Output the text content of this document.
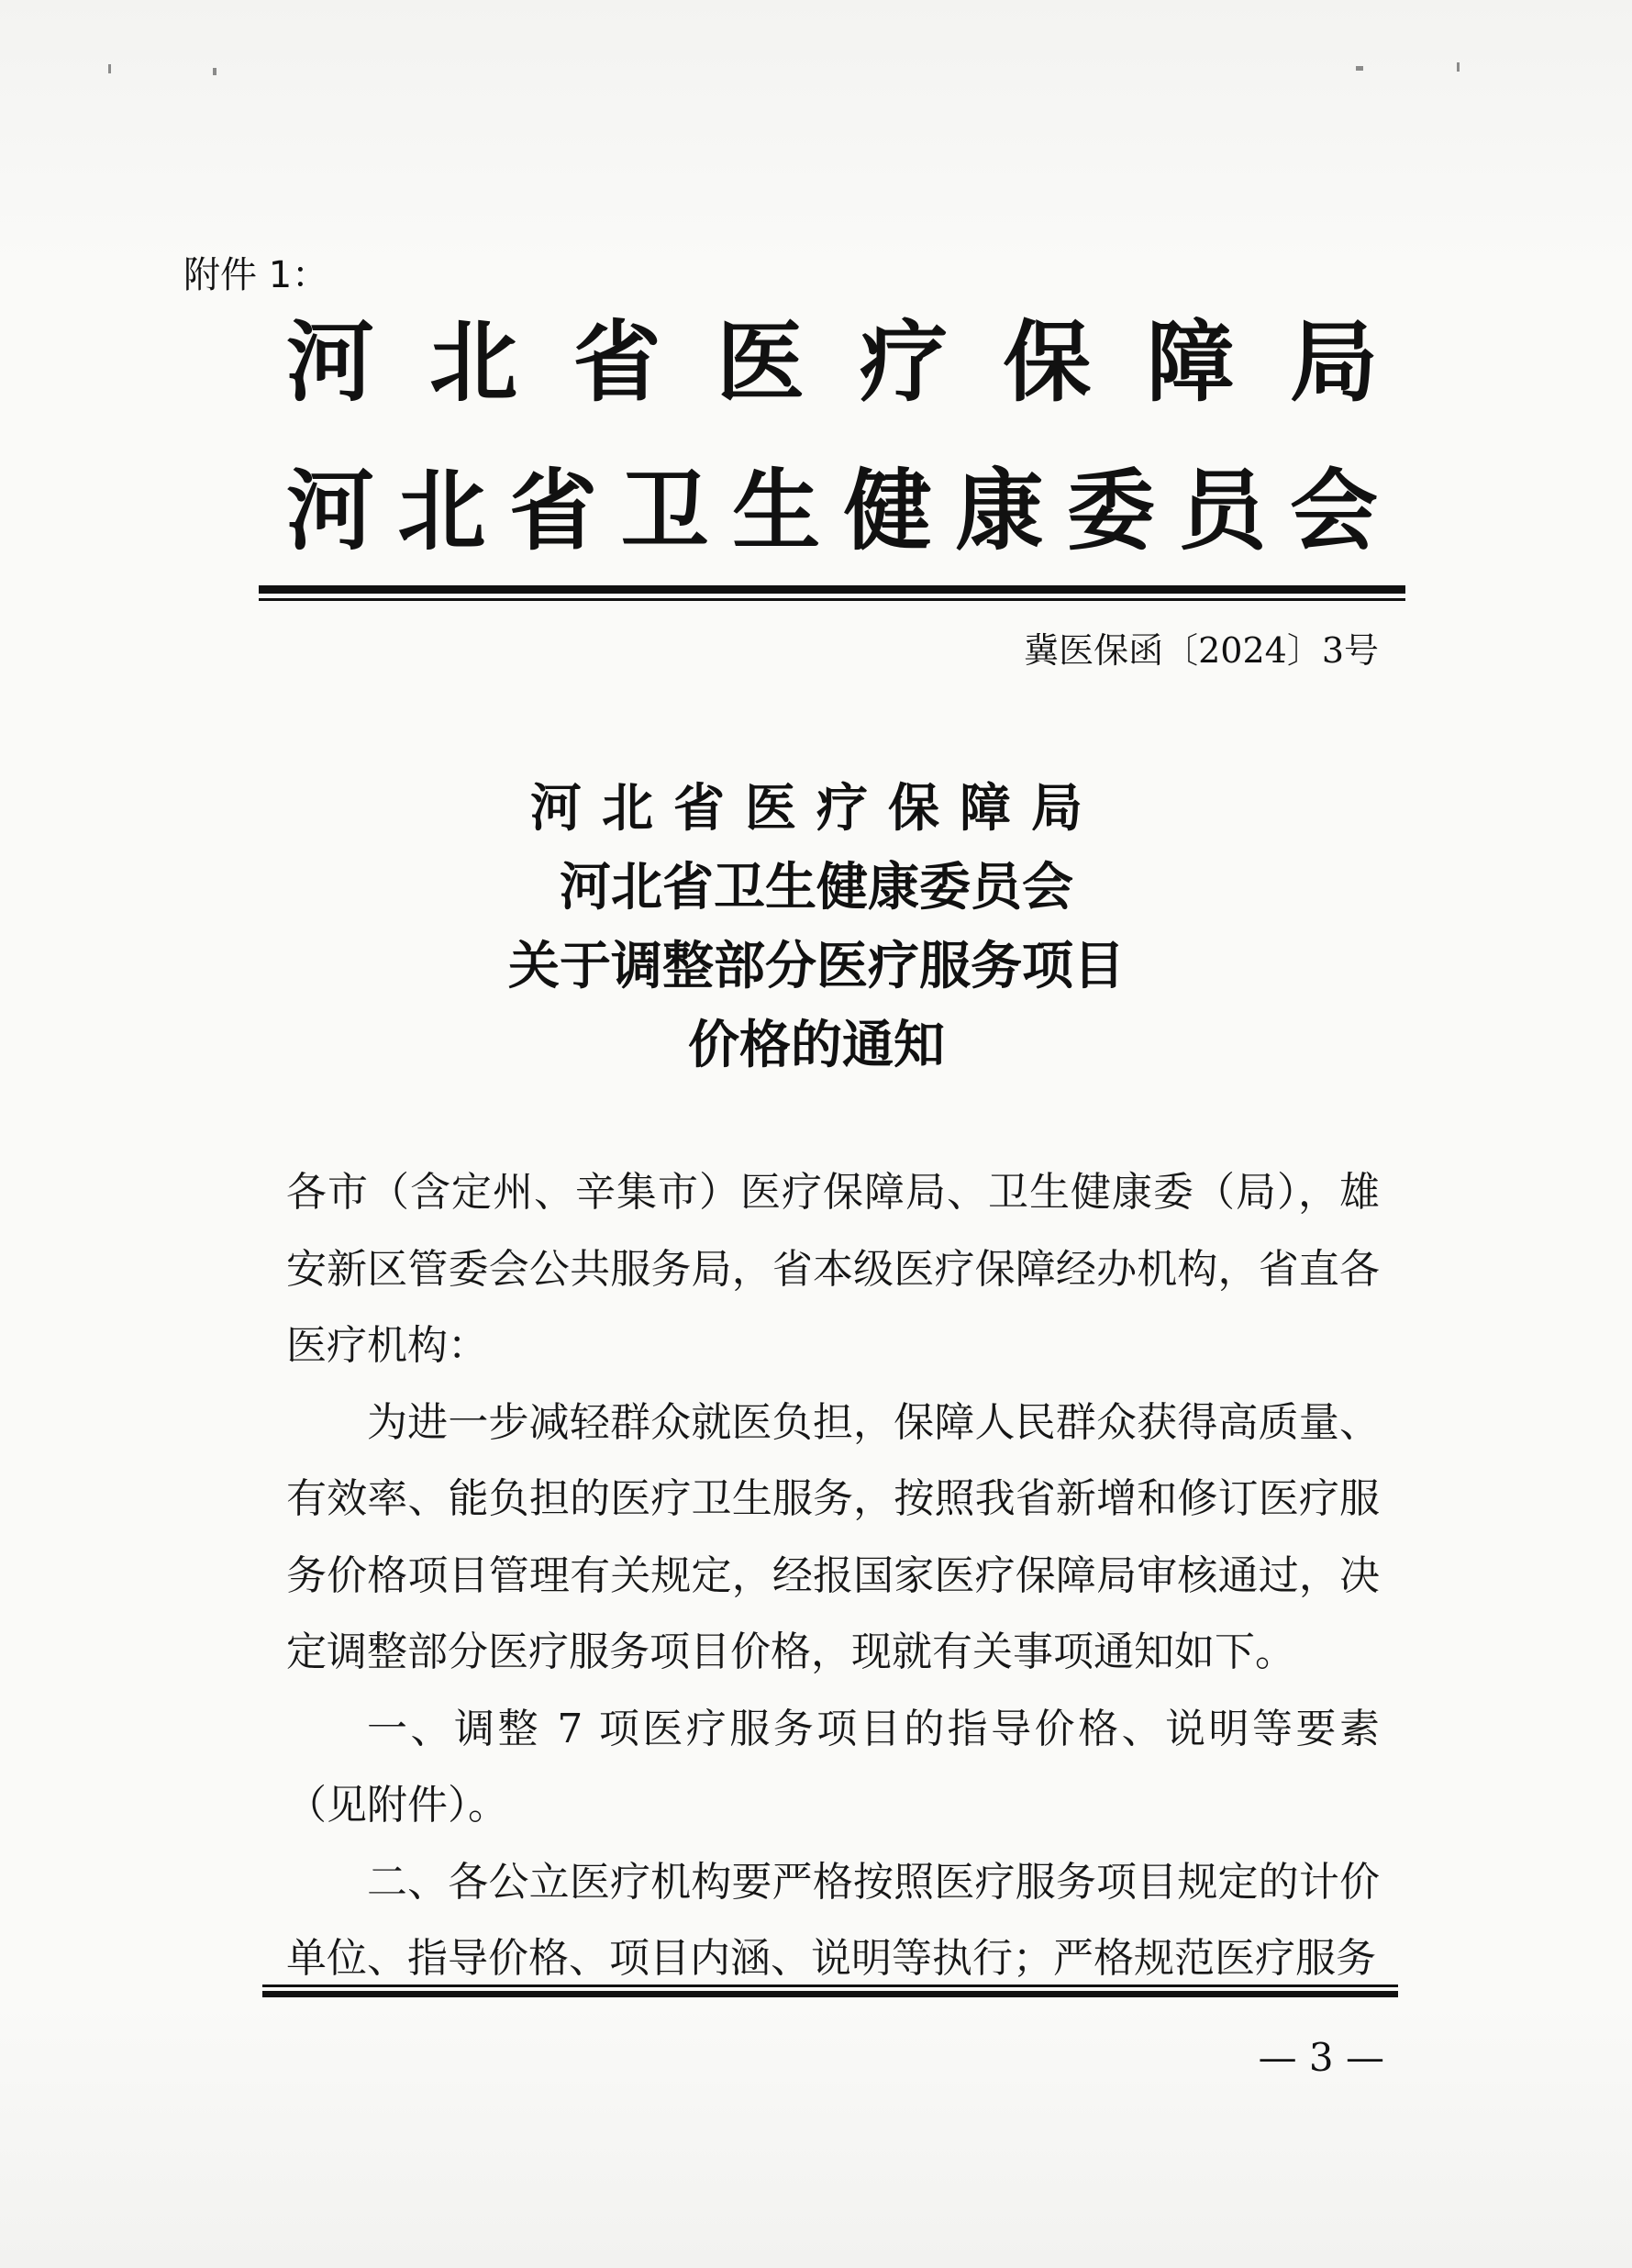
附件 1：
河北省医疗保障局
河北省卫生健康委员会
冀医保函〔2024〕3号
河北省医疗保障局
河北省卫生健康委员会
关于调整部分医疗服务项目
价格的通知

各市（含定州、辛集市）医疗保障局、卫生健康委（局），雄安新区管委会公共服务局，省本级医疗保障经办机构，省直各医疗机构：

为进一步减轻群众就医负担，保障人民群众获得高质量、有效率、能负担的医疗卫生服务，按照我省新增和修订医疗服务价格项目管理有关规定，经报国家医疗保障局审核通过，决定调整部分医疗服务项目价格，现就有关事项通知如下。

一、调整 7 项医疗服务项目的指导价格、说明等要素（见附件）。

二、各公立医疗机构要严格按照医疗服务项目规定的计价单位、指导价格、项目内涵、说明等执行；严格规范医疗服务

— 3 —
